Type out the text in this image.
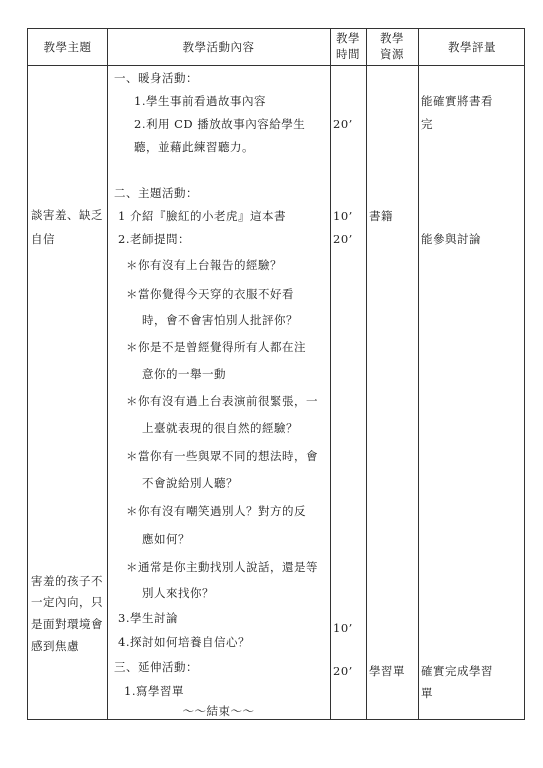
教學主題	教學活動內容
教學
時間
教學
資源	教學評量
談害羞、缺乏
自信
害羞的孩子不
一定內向，只
是面對環境會
感到焦慮
一、暖身活動：
1.學生事前看過故事內容
2.利用 CD 播放故事內容給學生
聽，並藉此練習聽力。
二、主題活動：
1 介紹『臉紅的小老虎』這本書
2.老師提問：
＊你有沒有上台報告的經驗？
＊當你覺得今天穿的衣服不好看
時，會不會害怕別人批評你？
＊你是不是曾經覺得所有人都在注
意你的一舉一動
＊你有沒有過上台表演前很緊張，一
上臺就表現的很自然的經驗？
＊當你有一些與眾不同的想法時，會
不會說給別人聽？
＊你有沒有嘲笑過別人？對方的反
應如何？
＊通常是你主動找別人說話，還是等
別人來找你？
3.學生討論
4.探討如何培養自信心？
三、延伸活動：
1.寫學習單
～～結束～～
20’
10’
20’
10’
20’
書籍
學習單
能確實將書看
完
能參與討論
確實完成學習
單
